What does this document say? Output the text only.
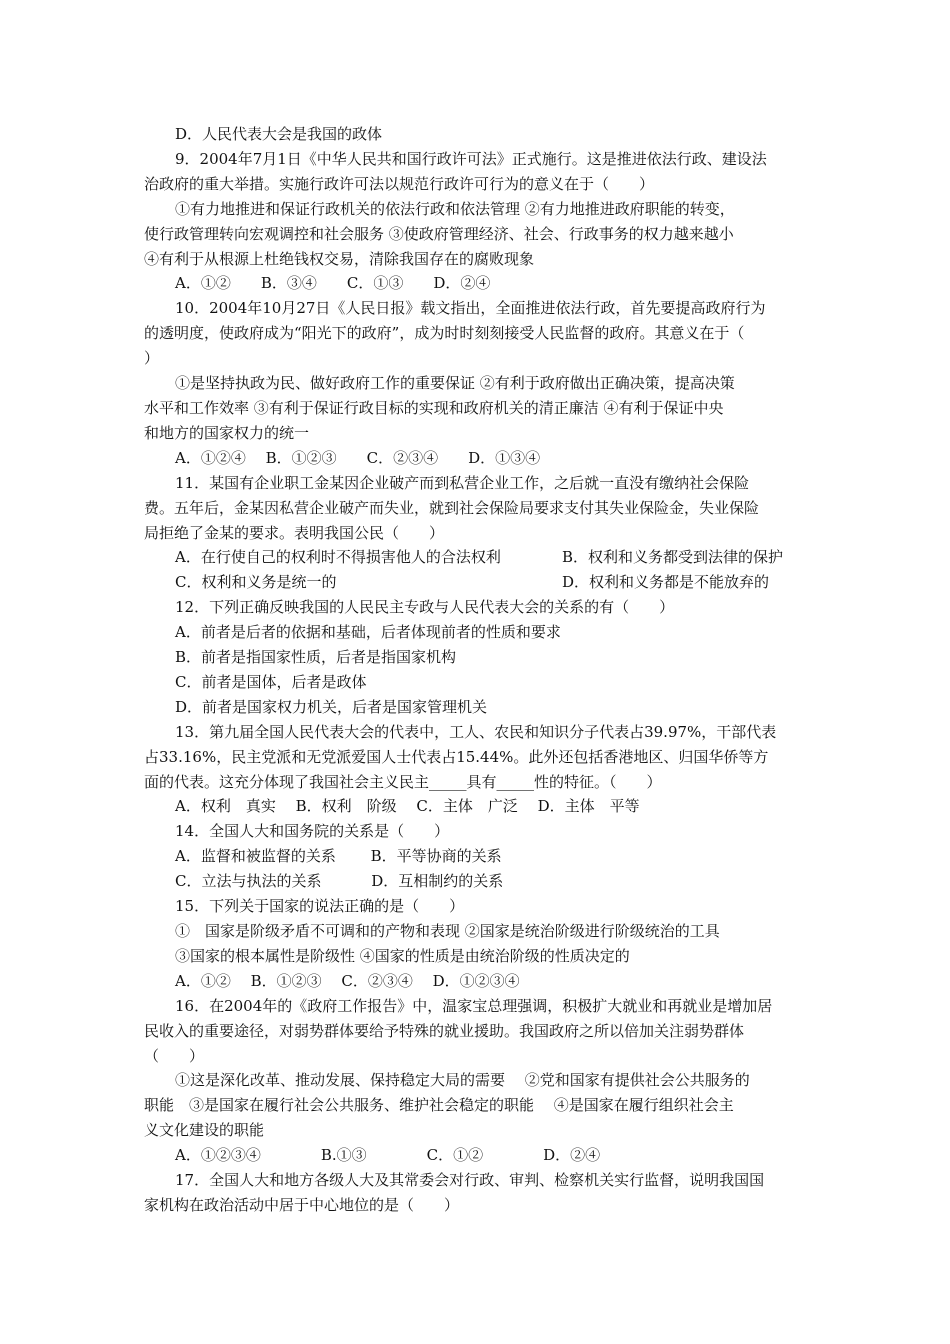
D．人民代表大会是我国的政体
9．2004年7月1日《中华人民共和国行政许可法》正式施行。这是推进依法行政、建设法
治政府的重大举措。实施行政许可法以规范行政许可行为的意义在于（　　）
①有力地推进和保证行政机关的依法行政和依法管理 ②有力地推进政府职能的转变，
使行政管理转向宏观调控和社会服务 ③使政府管理经济、社会、行政事务的权力越来越小
④有利于从根源上杜绝钱权交易，清除我国存在的腐败现象
A．①②　　B．③④　　C．①③　　D．②④
10．2004年10月27日《人民日报》载文指出，全面推进依法行政，首先要提高政府行为
的透明度，使政府成为“阳光下的政府”，成为时时刻刻接受人民监督的政府。其意义在于（
）
①是坚持执政为民、做好政府工作的重要保证 ②有利于政府做出正确决策，提高决策
水平和工作效率 ③有利于保证行政目标的实现和政府机关的清正廉洁 ④有利于保证中央
和地方的国家权力的统一
A．①②④　 B．①②③　　C．②③④　　D．①③④
11．某国有企业职工金某因企业破产而到私营企业工作，之后就一直没有缴纳社会保险
费。五年后，金某因私营企业破产而失业，就到社会保险局要求支付其失业保险金，失业保险
局拒绝了金某的要求。表明我国公民（　　）
A．在行使自己的权利时不得损害他人的合法权利	B．权利和义务都受到法律的保护
C．权利和义务是统一的	D．权利和义务都是不能放弃的
12．下列正确反映我国的人民民主专政与人民代表大会的关系的有（　　）
A．前者是后者的依据和基础，后者体现前者的性质和要求
B．前者是指国家性质，后者是指国家机构
C．前者是国体，后者是政体
D．前者是国家权力机关，后者是国家管理机关
13．第九届全国人民代表大会的代表中，工人、农民和知识分子代表占39.97%，干部代表
占33.16%，民主党派和无党派爱国人士代表占15.44%。此外还包括香港地区、归国华侨等方
面的代表。这充分体现了我国社会主义民主_____具有_____性的特征。（　　）
A．权利　真实　 B．权利　阶级　 C．主体　广泛　 D．主体　平等
14．全国人大和国务院的关系是（　　）
A．监督和被监督的关系　　 B．平等协商的关系
C．立法与执法的关系　　　 D．互相制约的关系
15．下列关于国家的说法正确的是（　　）
①　国家是阶级矛盾不可调和的产物和表现 ②国家是统治阶级进行阶级统治的工具
③国家的根本属性是阶级性 ④国家的性质是由统治阶级的性质决定的
A．①②　 B．①②③　 C．②③④　 D．①②③④
16．在2004年的《政府工作报告》中，温家宝总理强调，积极扩大就业和再就业是增加居
民收入的重要途径，对弱势群体要给予特殊的就业援助。我国政府之所以倍加关注弱势群体
（　　）
①这是深化改革、推动发展、保持稳定大局的需要　 ②党和国家有提供社会公共服务的
职能　③是国家在履行社会公共服务、维护社会稳定的职能　 ④是国家在履行组织社会主
义文化建设的职能
A．①②③④　　　　B.①③　　　　C．①②　　　　D．②④
17．全国人大和地方各级人大及其常委会对行政、审判、检察机关实行监督，说明我国国
家机构在政治活动中居于中心地位的是（　　）
